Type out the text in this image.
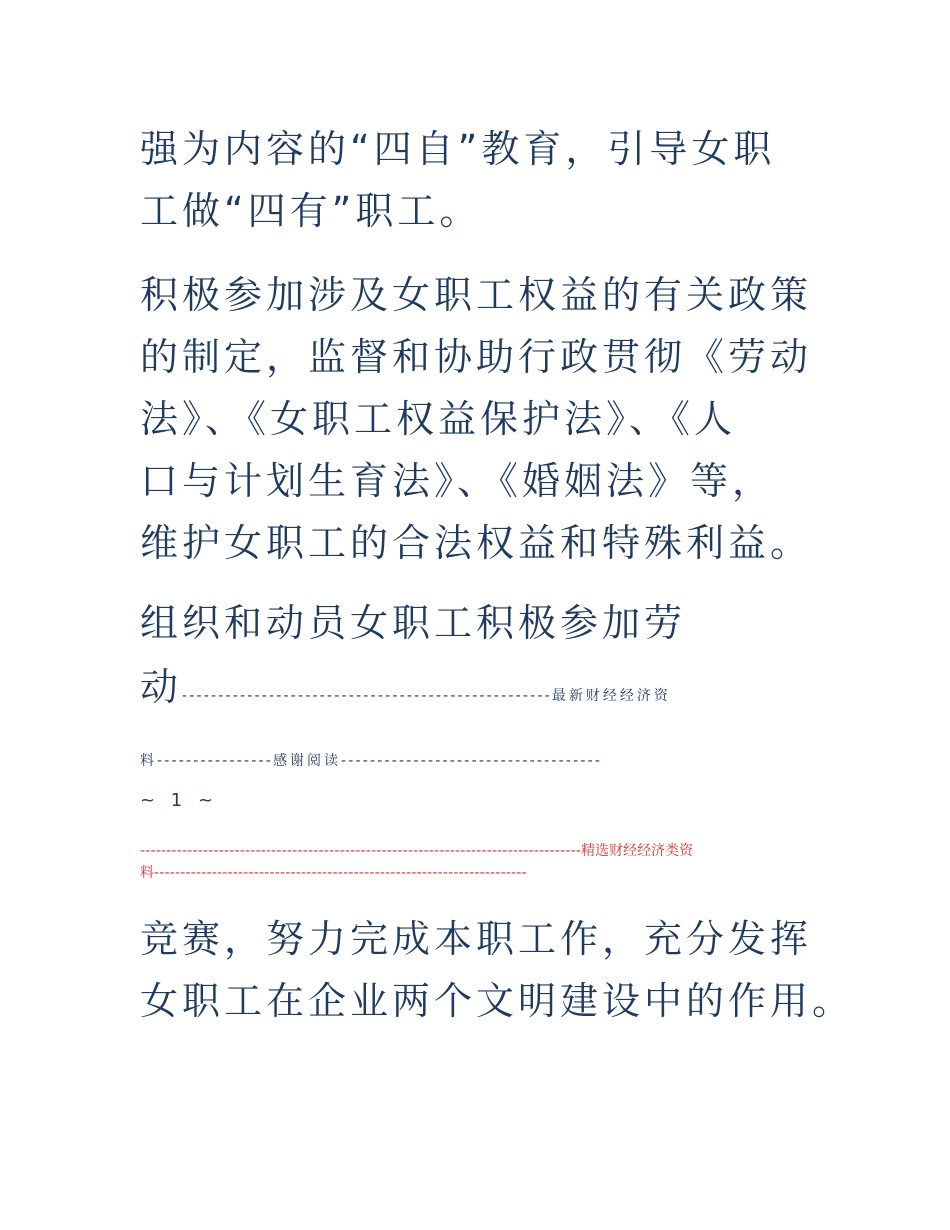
强为内容的“四自”教育，引导女职
工做“四有”职工。

积极参加涉及女职工权益的有关政策
的制定，监督和协助行政贯彻《劳动
法》、《女职工权益保护法》、《人
口与计划生育法》、《婚姻法》等，
维护女职工的合法权益和特殊利益。

组织和动员女职工积极参加劳

动---------------------------------------------------最新财经经济资
料----------------感谢阅读------------------------------------
~ 1 ~
------------------------------------------------------------------------------------精选财经经济类资
料-----------------------------------------------------------------------

竞赛，努力完成本职工作，充分发挥
女职工在企业两个文明建设中的作用。
